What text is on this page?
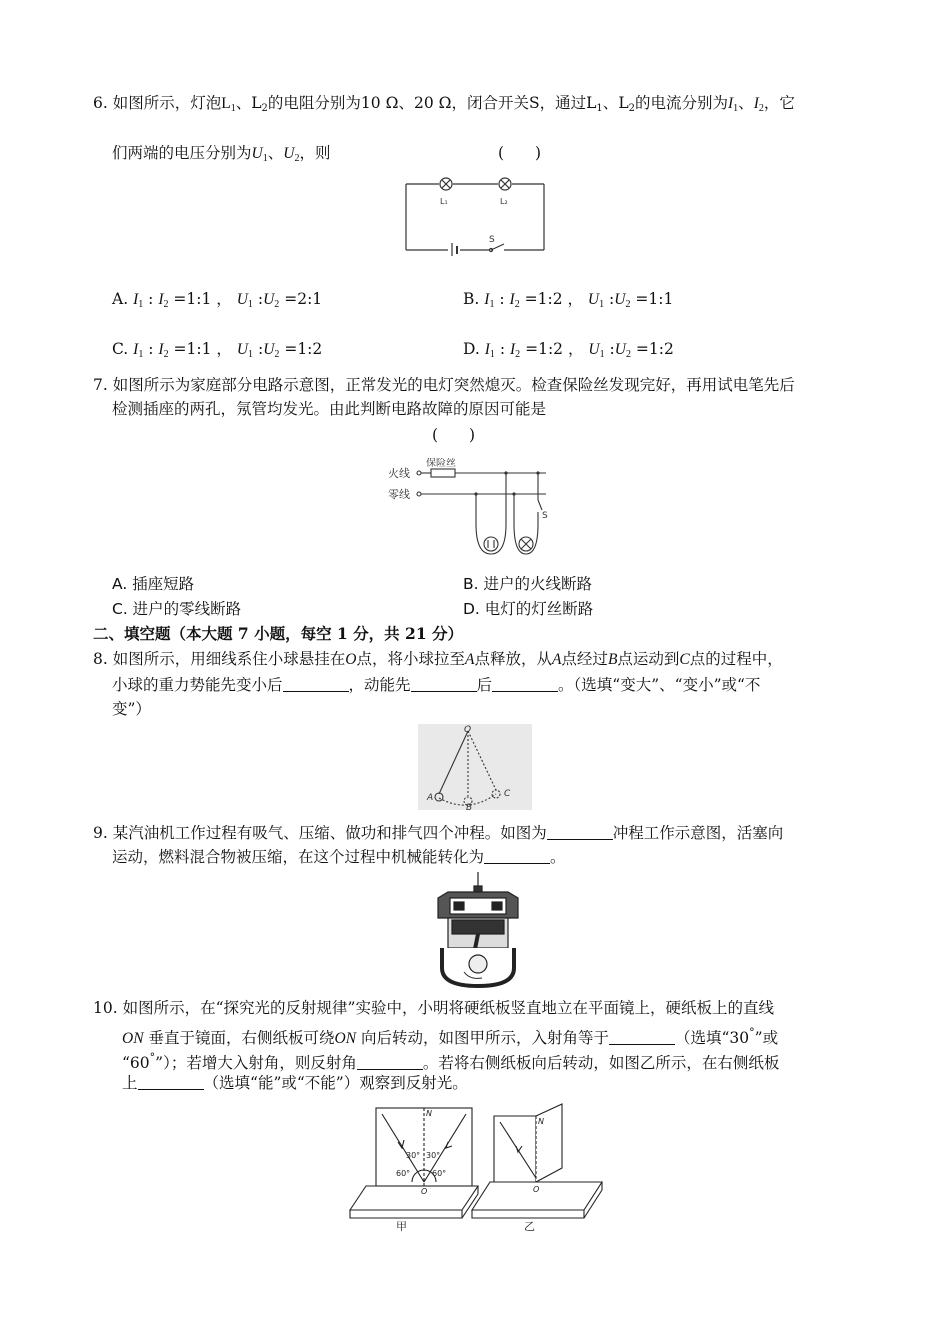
6. 如图所示，灯泡$L_1$、$L_2$的电阻分别为10 Ω、20 Ω，闭合开关S，通过$L_1$、$L_2$的电流分别为$I_1$、$I_2$，它
们两端的电压分别为$U_1$、$U_2$，则	(　　)
L₁	L₂
S
A. $I_1$ : $I_2$ =1:1 ， $U_1$ $:U_2$ =2:1	B. $I_1$ : $I_2$ =1:2 ， $U_1$ $:U_2$ =1:1
C. $I_1$ : $I_2$ =1:1 ， $U_1$ $:U_2$ =1:2	D. $I_1$ : $I_2$ =1:2 ， $U_1$ $:U_2$ =1:2
7. 如图所示为家庭部分电路示意图，正常发光的电灯突然熄灭。检查保险丝发现完好，再用试电笔先后
检测插座的两孔，氖管均发光。由此判断电路故障的原因可能是
(　　)
火线
零线
保险丝
S
A. 插座短路	B. 进户的火线断路
C. 进户的零线断路	D. 电灯的灯丝断路
二、填空题（本大题 7 小题，每空 1 分，共 21 分）
8. 如图所示，用细线系住小球悬挂在O点，将小球拉至A点释放，从A点经过B点运动到C点的过程中，
小球的重力势能先变小后	，动能先	后	。（选填“变大”、“变小”或“不
变”）
O
A
B
C
9. 某汽油机工作过程有吸气、压缩、做功和排气四个冲程。如图为	冲程工作示意图，活塞向
运动，燃料混合物被压缩，在这个过程中机械能转化为	。
10. 如图所示，在“探究光的反射规律”实验中，小明将硬纸板竖直地立在平面镜上，硬纸板上的直线
ON 垂直于镜面，右侧纸板可绕ON 向后转动，如图甲所示，入射角等于	（选填“30°”或
“60°”）；若增大入射角，则反射角	。若将右侧纸板向后转动，如图乙所示，在右侧纸板
上	（选填“能”或“不能”）观察到反射光。
N
30° 30°
60°	60°
O
N
O
甲	乙
